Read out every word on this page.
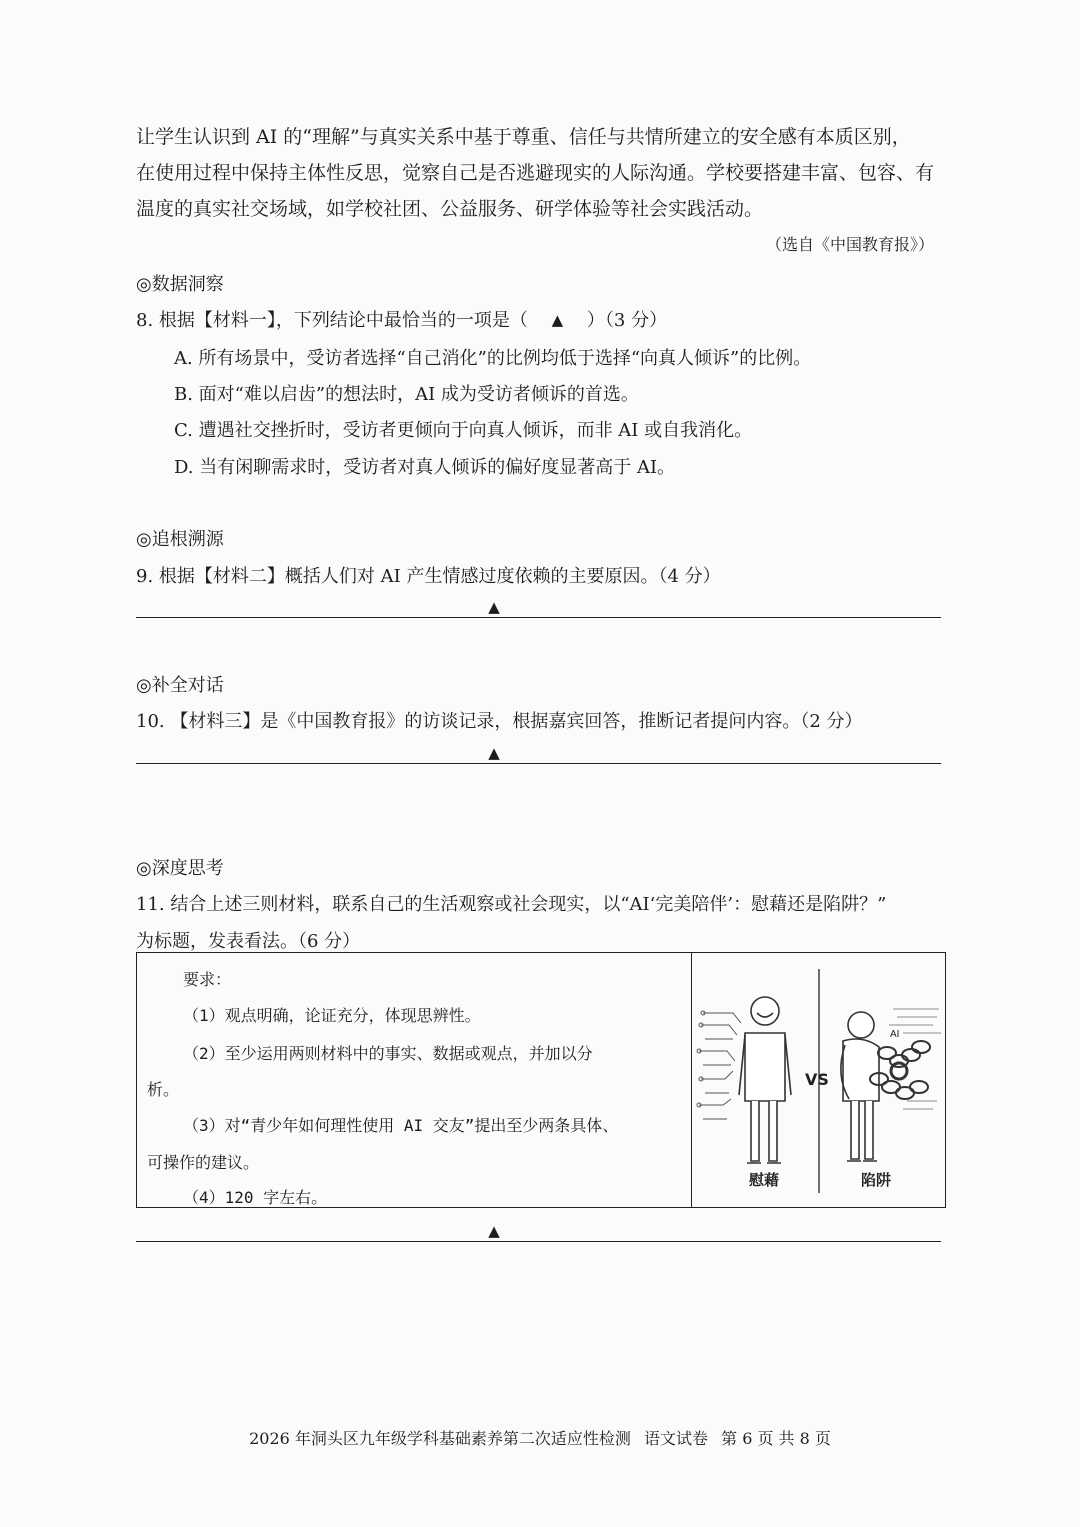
让学生认识到 AI 的“理解”与真实关系中基于尊重、信任与共情所建立的安全感有本质区别，
在使用过程中保持主体性反思，觉察自己是否逃避现实的人际沟通。学校要搭建丰富、包容、有
温度的真实社交场域，如学校社团、公益服务、研学体验等社会实践活动。
（选自《中国教育报》）
◎数据洞察
8. 根据【材料一】，下列结论中最恰当的一项是（ ▲ ）（3 分）
A. 所有场景中，受访者选择“自己消化”的比例均低于选择“向真人倾诉”的比例。
B. 面对“难以启齿”的想法时，AI 成为受访者倾诉的首选。
C. 遭遇社交挫折时，受访者更倾向于向真人倾诉，而非 AI 或自我消化。
D. 当有闲聊需求时，受访者对真人倾诉的偏好度显著高于 AI。
◎追根溯源
9. 根据【材料二】概括人们对 AI 产生情感过度依赖的主要原因。（4 分）
▲
◎补全对话
10. 【材料三】是《中国教育报》的访谈记录，根据嘉宾回答，推断记者提问内容。（2 分）
▲
◎深度思考
11. 结合上述三则材料，联系自己的生活观察或社会现实，以“AI‘完美陪伴’：慰藉还是陷阱？”
为标题，发表看法。（6 分）
要求：
（1）观点明确，论证充分，体现思辨性。
（2）至少运用两则材料中的事实、数据或观点，并加以分
析。
（3）对“青少年如何理性使用 AI 交友”提出至少两条具体、
可操作的建议。
（4）120 字左右。
VS
AI
慰藉	陷阱
▲
2026 年洞头区九年级学科基础素养第二次适应性检测 语文试卷 第 6 页 共 8 页
